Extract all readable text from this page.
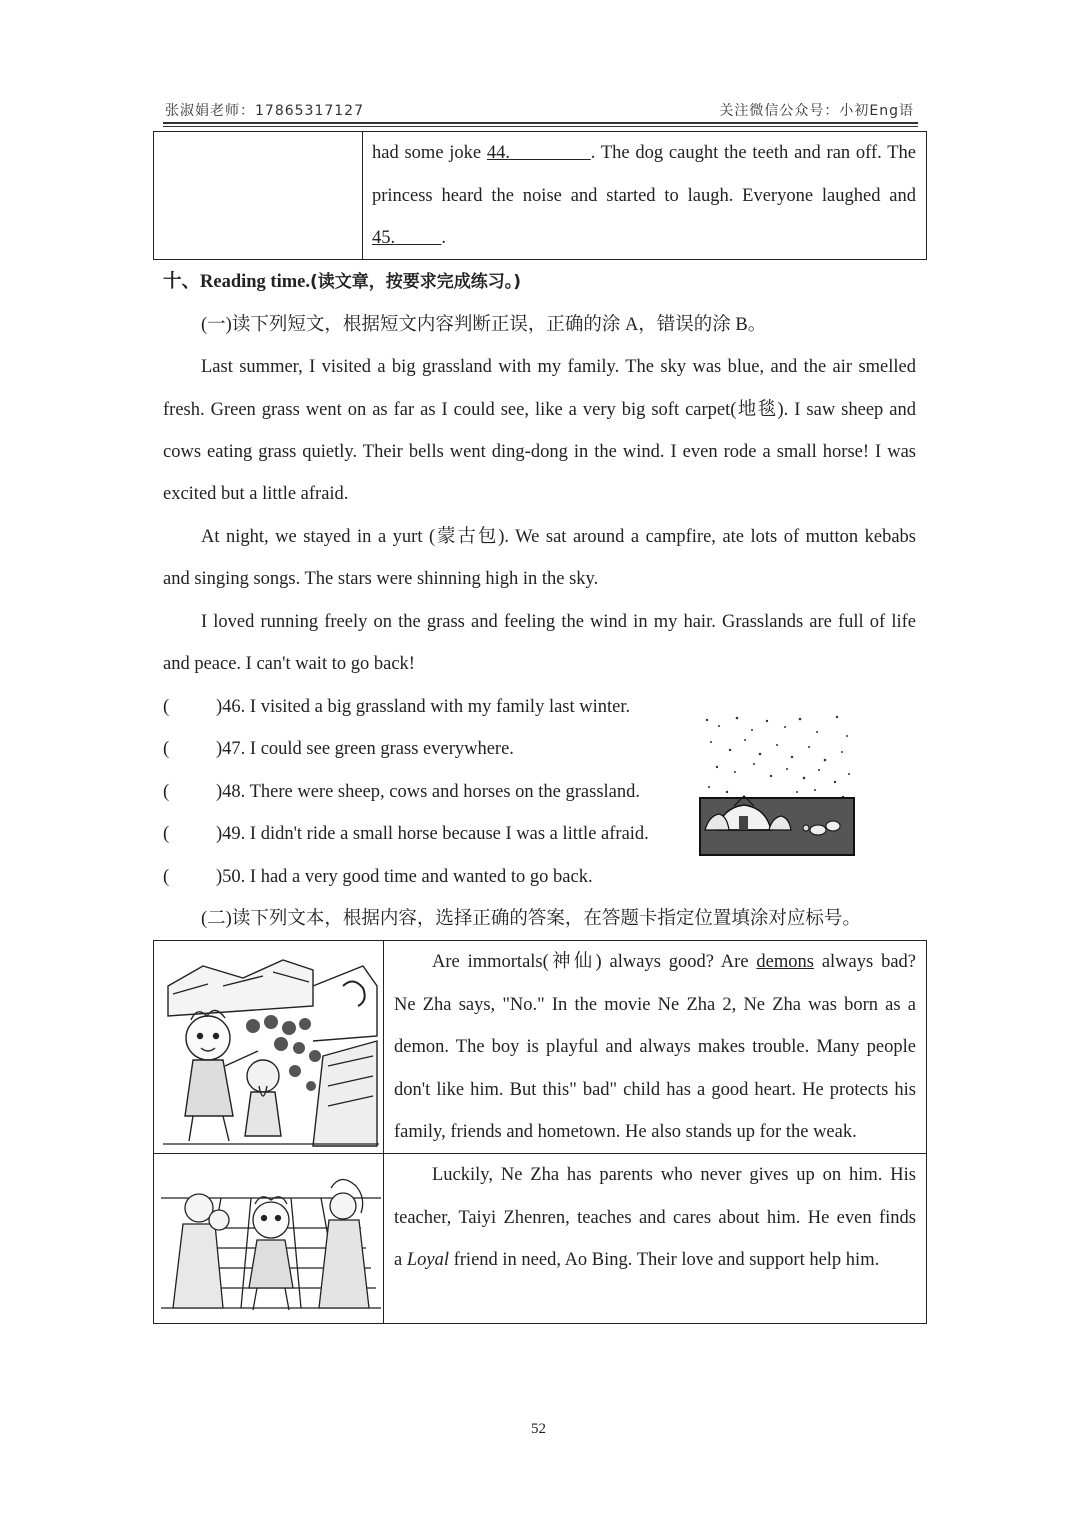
张淑娟老师：17865317127	关注微信公众号：小初Eng语
had some joke 44.	. The dog caught the teeth and ran off. The
princess heard the noise and started to laugh. Everyone laughed and
45.	.
十、Reading time.(读文章，按要求完成练习。)
(一)读下列短文，根据短文内容判断正误，正确的涂 A，错误的涂 B。
Last summer, I visited a big grassland with my family. The sky was blue, and the air smelled
fresh. Green grass went on as far as I could see, like a very big soft carpet(地毯). I saw sheep and
cows eating grass quietly. Their bells went ding-dong in the wind. I even rode a small horse! I was
excited but a little afraid.
At night, we stayed in a yurt (蒙古包). We sat around a campfire, ate lots of mutton kebabs
and singing songs. The stars were shinning high in the sky.
I loved running freely on the grass and feeling the wind in my hair. Grasslands are full of life
and peace. I can't wait to go back!
(	)46. I visited a big grassland with my family last winter.
(	)47. I could see green grass everywhere.
(	)48. There were sheep, cows and horses on the grassland.
(	)49. I didn't ride a small horse because I was a little afraid.
(	)50. I had a very good time and wanted to go back.
(二)读下列文本，根据内容，选择正确的答案，在答题卡指定位置填涂对应标号。
Are immortals(神仙) always good? Are demons always bad?
Ne Zha says, "No." In the movie Ne Zha 2, Ne Zha was born as a
demon. The boy is playful and always makes trouble. Many people
don't like him. But this" bad" child has a good heart. He protects his
family, friends and hometown. He also stands up for the weak.
Luckily, Ne Zha has parents who never gives up on him. His
teacher, Taiyi Zhenren, teaches and cares about him. He even finds
a Loyal friend in need, Ao Bing. Their love and support help him.
52
